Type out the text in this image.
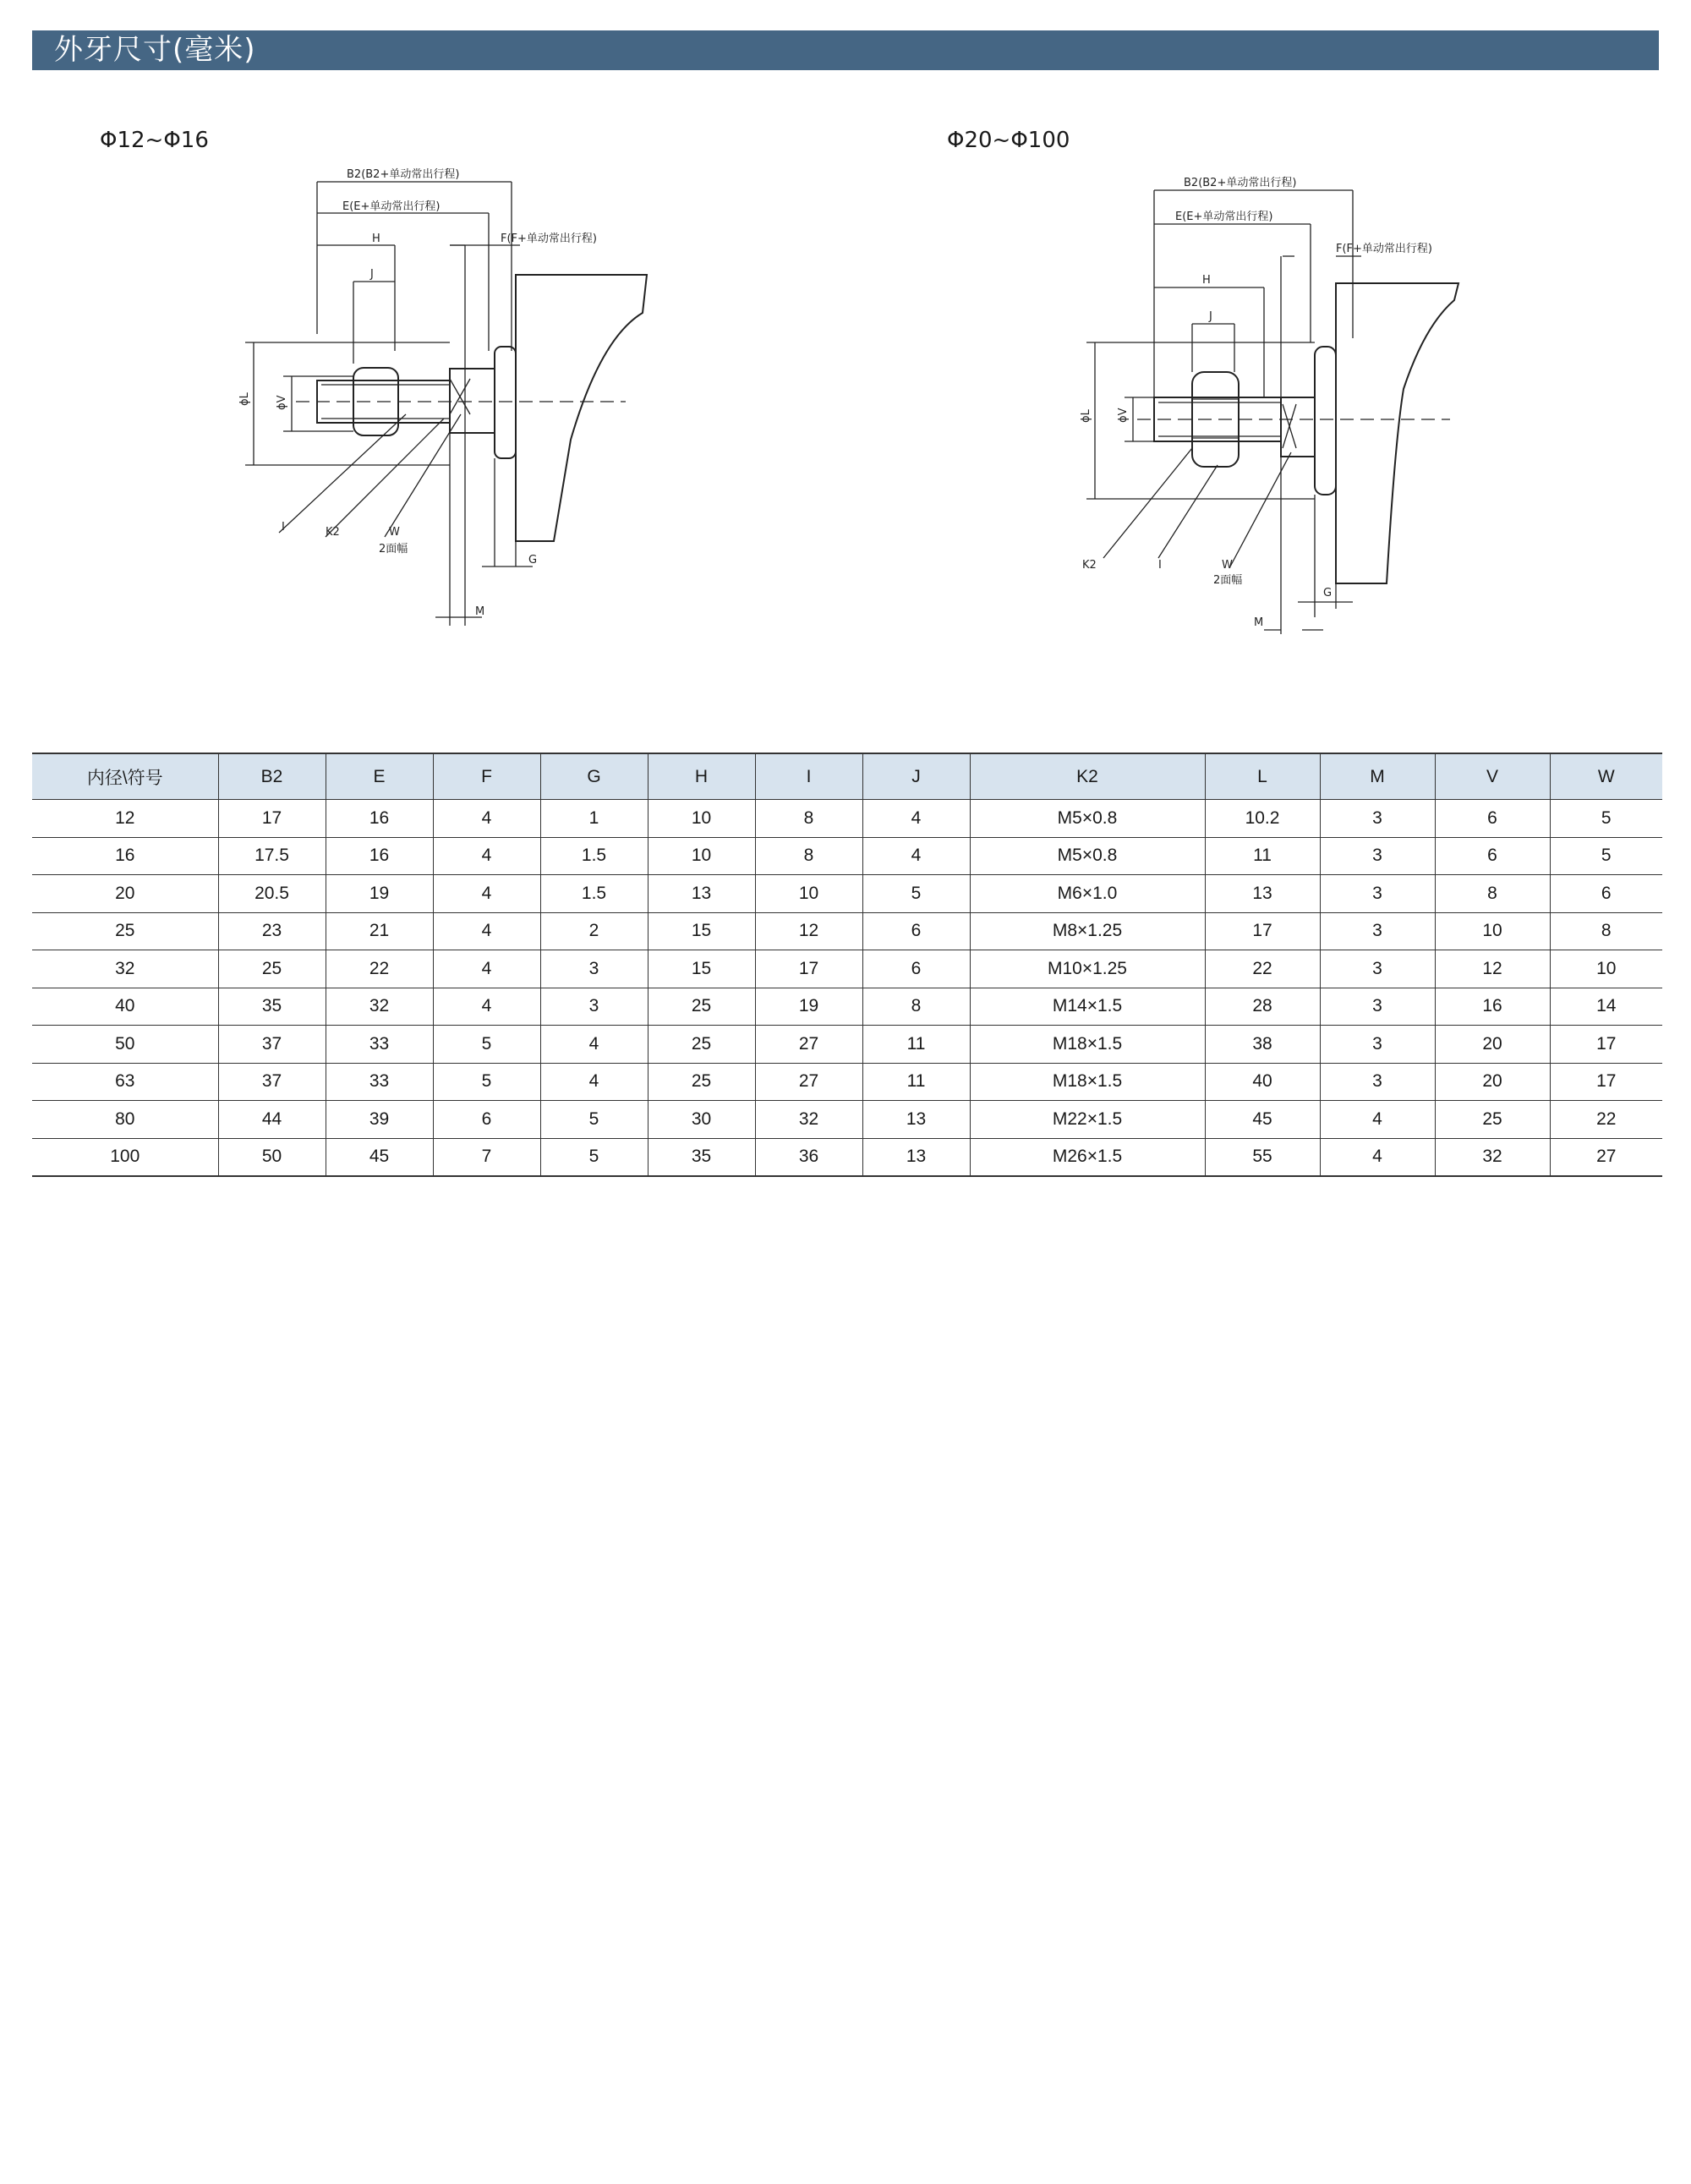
外牙尺寸(毫米)
Φ12~Φ16
B2(B2+单动常出行程)
E(E+单动常出行程)
F(F+单动常出行程)
H
J
ϕL ϕV
I	K2	W
2面幅
G
M
Φ20~Φ100
B2(B2+单动常出行程)
E(E+单动常出行程)
F(F+单动常出行程)
H
J
ϕL ϕV
I
K2	W
2面幅
G
M
内径\符号	B2	E	F	G	H	I	J	K2	L	M	V	W
12	17	16	4	1	10	8	4	M5×0.8	10.2	3	6	5
16	17.5	16	4	1.5	10	8	4	M5×0.8	11	3	6	5
20	20.5	19	4	1.5	13	10	5	M6×1.0	13	3	8	6
25	23	21	4	2	15	12	6	M8×1.25	17	3	10	8
32	25	22	4	3	15	17	6	M10×1.25	22	3	12	10
40	35	32	4	3	25	19	8	M14×1.5	28	3	16	14
50	37	33	5	4	25	27	11	M18×1.5	38	3	20	17
63	37	33	5	4	25	27	11	M18×1.5	40	3	20	17
80	44	39	6	5	30	32	13	M22×1.5	45	4	25	22
100	50	45	7	5	35	36	13	M26×1.5	55	4	32	27
